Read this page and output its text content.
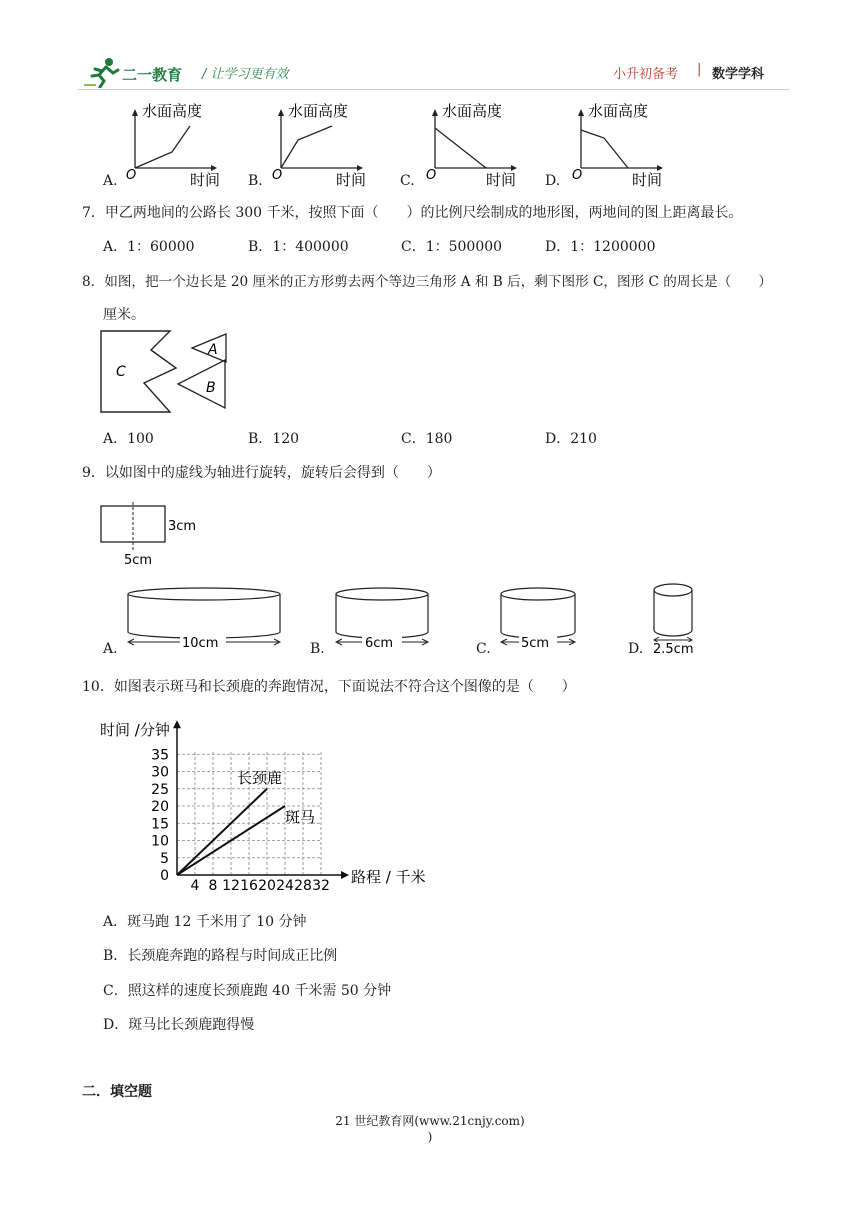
二一教育 / 让学习更有效	小升初备考 | 数学学科
A.
水面高度
O	时间 B.
水面高度
O	时间 C.
水面高度
O	时间 D.
水面高度
O	时间
7．甲乙两地间的公路长 300 千米，按照下面（　　）的比例尺绘制成的地形图，两地间的图上距离最长。
A．1：60000	B．1：400000	C．1：500000	D．1：1200000
8．如图，把一个边长是 20 厘米的正方形剪去两个等边三角形 A 和 B 后，剩下图形 C，图形 C 的周长是（　　）
厘米。
C
A
B
A．100	B．120	C．180	D．210
9．以如图中的虚线为轴进行旋转，旋转后会得到（　　）
3cm
5cm
A.	10cm	B.	6cm	C. 5cm	D. 2.5cm
10．如图表示斑马和长颈鹿的奔跑情况，下面说法不符合这个图像的是（　　）
时间 /分钟
路程 / 千米
0
5
10
15
20
25
30
35
4 8 12 16 20 24 28 32
长颈鹿
斑马
A．斑马跑 12 千米用了 10 分钟
B．长颈鹿奔跑的路程与时间成正比例
C．照这样的速度长颈鹿跑 40 千米需 50 分钟
D．斑马比长颈鹿跑得慢
二．填空题
21 世纪教育网(www.21cnjy.com)
)
